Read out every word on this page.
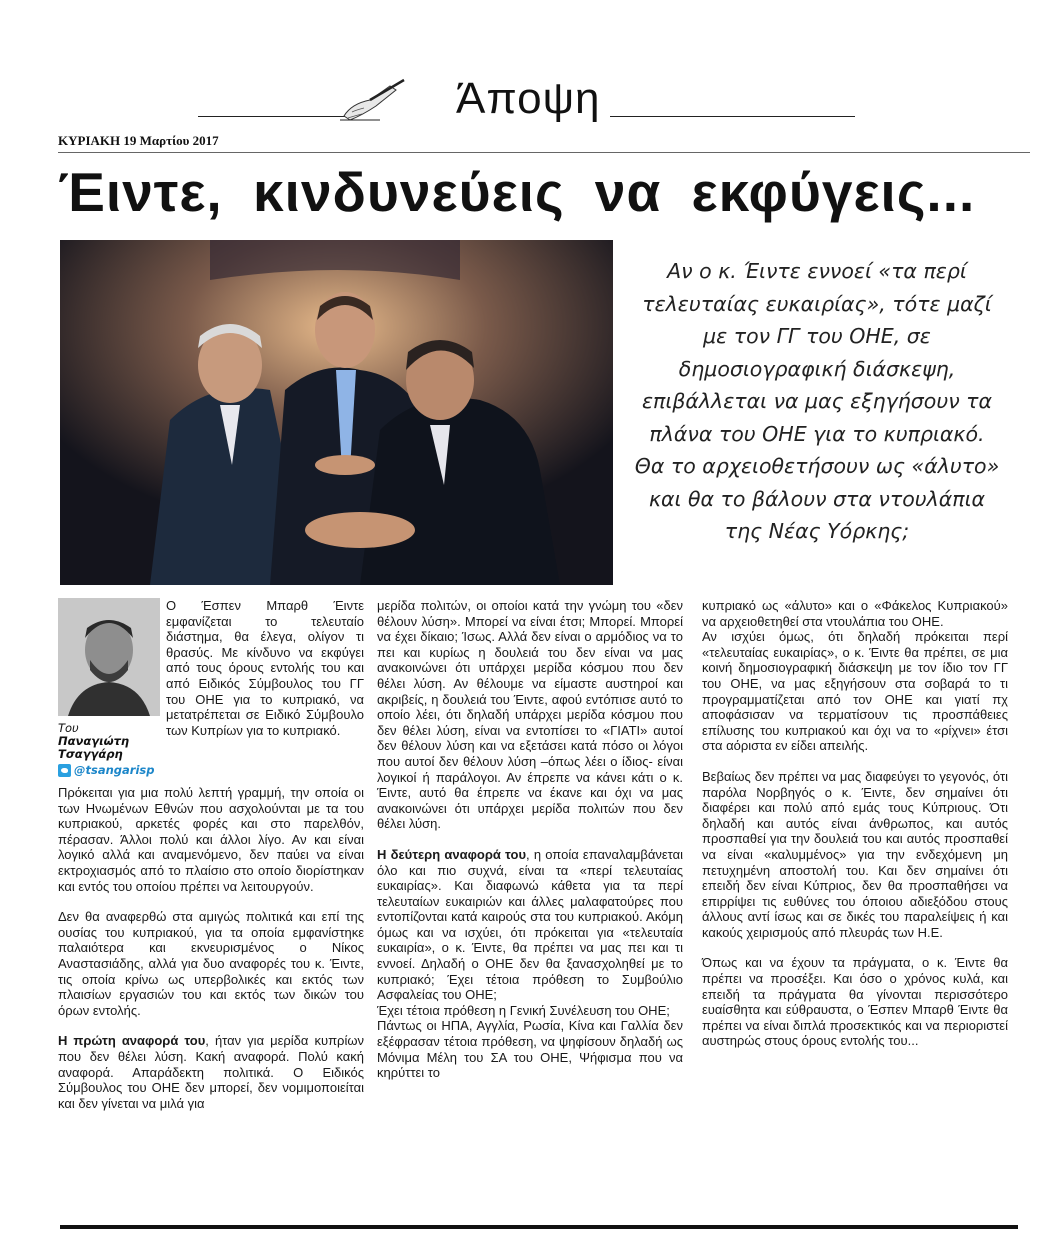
Άποψη
ΚΥΡΙΑΚΗ 19 Μαρτίου 2017
Έιντε, κινδυνεύεις να εκφύγεις...
Αν ο κ. Έιντε εννοεί «τα περί τελευταίας ευκαιρίας», τότε μαζί με τον ΓΓ του ΟΗΕ, σε δημοσιογραφική διάσκεψη, επιβάλλεται να μας εξηγήσουν τα πλάνα του ΟΗΕ για το κυπριακό. Θα το αρχειοθετήσουν ως «άλυτο» και θα το βάλουν στα ντουλάπια της Νέας Υόρκης;
Του
Παναγιώτη
Τσαγγάρη
@tsangarisp

Ο Έσπεν Μπαρθ Έιντε εμφανίζεται το τελευταίο διάστημα, θα έλεγα, ολίγον τι θρασύς. Με κίνδυνο να εκφύγει από τους όρους εντολής του και από Ειδικός Σύμβουλος του ΓΓ του ΟΗΕ για το κυπριακό, να μετατρέπεται σε Ειδικό Σύμβουλο των Κυπρίων για το κυπριακό.

Πρόκειται για μια πολύ λεπτή γραμμή, την οποία οι των Ηνωμένων Εθνών που ασχολούνται με τα του κυπριακού, αρκετές φορές και στο παρελθόν, πέρασαν. Άλλοι πολύ και άλλοι λίγο. Αν και είναι λογικό αλλά και αναμενόμενο, δεν παύει να είναι εκτροχιασμός από το πλαίσιο στο οποίο διορίστηκαν και εντός του οποίου πρέπει να λειτουργούν.

Δεν θα αναφερθώ στα αμιγώς πολιτικά και επί της ουσίας του κυπριακού, για τα οποία εμφανίστηκε παλαιότερα και εκνευρισμένος ο Νίκος Αναστασιάδης, αλλά για δυο αναφορές του κ. Έιντε, τις οποία κρίνω ως υπερβολικές και εκτός των πλαισίων εργασιών του και εκτός των δικών του όρων εντολής.

Η πρώτη αναφορά του, ήταν για μερίδα κυπρίων που δεν θέλει λύση. Κακή αναφορά. Πολύ κακή αναφορά. Απαράδεκτη πολιτικά. Ο Ειδικός Σύμβουλος του ΟΗΕ δεν μπορεί, δεν νομιμοποιείται και δεν γίνεται να μιλά για

μερίδα πολιτών, οι οποίοι κατά την γνώμη του «δεν θέλουν λύση». Μπορεί να είναι έτσι; Μπορεί. Μπορεί να έχει δίκαιο; Ίσως. Αλλά δεν είναι ο αρμόδιος να το πει και κυρίως η δουλειά του δεν είναι να μας ανακοινώνει ότι υπάρχει μερίδα κόσμου που δεν θέλει λύση. Αν θέλουμε να είμαστε αυστηροί και ακριβείς, η δουλειά του Έιντε, αφού εντόπισε αυτό το οποίο λέει, ότι δηλαδή υπάρχει μερίδα κόσμου που δεν θέλει λύση, είναι να εντοπίσει το «ΓΙΑΤΙ» αυτοί δεν θέλουν λύση και να εξετάσει κατά πόσο οι λόγοι που αυτοί δεν θέλουν λύση –όπως λέει ο ίδιος- είναι λογικοί ή παράλογοι. Αν έπρεπε να κάνει κάτι ο κ. Έιντε, αυτό θα έπρεπε να έκανε και όχι να μας ανακοινώνει ότι υπάρχει μερίδα πολιτών που δεν θέλει λύση.

Η δεύτερη αναφορά του, η οποία επαναλαμβάνεται όλο και πιο συχνά, είναι τα «περί τελευταίας ευκαιρίας». Και διαφωνώ κάθετα για τα περί τελευταίων ευκαιριών και άλλες μαλαφατούρες που εντοπίζονται κατά καιρούς στα του κυπριακού. Ακόμη όμως και να ισχύει, ότι πρόκειται για «τελευταία ευκαιρία», ο κ. Έιντε, θα πρέπει να μας πει και τι εννοεί. Δηλαδή ο ΟΗΕ δεν θα ξανασχοληθεί με το κυπριακό; Έχει τέτοια πρόθεση το Συμβούλιο Ασφαλείας του ΟΗΕ;

Έχει τέτοια πρόθεση η Γενική Συνέλευση του ΟΗΕ;

Πάντως οι ΗΠΑ, Αγγλία, Ρωσία, Κίνα και Γαλλία δεν εξέφρασαν τέτοια πρόθεση, να ψηφίσουν δηλαδή ως Μόνιμα Μέλη του ΣΑ του ΟΗΕ, Ψήφισμα που να κηρύττει το

κυπριακό ως «άλυτο» και ο «Φάκελος Κυπριακού» να αρχειοθετηθεί στα ντουλάπια του ΟΗΕ.

Αν ισχύει όμως, ότι δηλαδή πρόκειται περί «τελευταίας ευκαιρίας», ο κ. Έιντε θα πρέπει, σε μια κοινή δημοσιογραφική διάσκεψη με τον ίδιο τον ΓΓ του ΟΗΕ, να μας εξηγήσουν στα σοβαρά το τι προγραμματίζεται από τον ΟΗΕ και γιατί πχ αποφάσισαν να τερματίσουν τις προσπάθειες επίλυσης του κυπριακού και όχι να το «ρίχνει» έτσι στα αόριστα εν είδει απειλής.

Βεβαίως δεν πρέπει να μας διαφεύγει το γεγονός, ότι παρόλα Νορβηγός ο κ. Έιντε, δεν σημαίνει ότι διαφέρει και πολύ από εμάς τους Κύπριους. Ότι δηλαδή και αυτός είναι άνθρωπος, και αυτός προσπαθεί για την δουλειά του και αυτός προσπαθεί να είναι «καλυμμένος» για την ενδεχόμενη μη πετυχημένη αποστολή του. Και δεν σημαίνει ότι επειδή δεν είναι Κύπριος, δεν θα προσπαθήσει να επιρρίψει τις ευθύνες του όποιου αδιεξόδου στους άλλους αντί ίσως και σε δικές του παραλείψεις ή και κακούς χειρισμούς από πλευράς των Η.Ε.

Όπως και να έχουν τα πράγματα, ο κ. Έιντε θα πρέπει να προσέξει. Και όσο ο χρόνος κυλά, και επειδή τα πράγματα θα γίνονται περισσότερο ευαίσθητα και εύθραυστα, ο Έσπεν Μπαρθ Έιντε θα πρέπει να είναι διπλά προσεκτικός και να περιοριστεί αυστηρώς στους όρους εντολής του...
